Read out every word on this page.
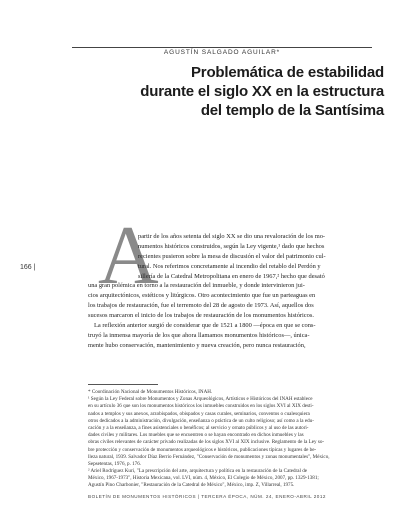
AGUSTÍN SALGADO AGUILAR*
Problemática de estabilidad
durante el siglo XX en la estructura
del templo de la Santísima
166 | A
partir de los años setenta del siglo XX se dio una revaloración de los mo-
numentos históricos construidos, según la Ley vigente,¹ dado que hechos
recientes pusieron sobre la mesa de discusión el valor del patrimonio cul-
tural. Nos referimos concretamente al incendio del retablo del Perdón y
sillería de la Catedral Metropolitana en enero de 1967,² hecho que desató
una gran polémica en torno a la restauración del inmueble, y donde intervinieron jui-
cios arquitectónicos, estéticos y litúrgicos. Otro acontecimiento que fue un parteaguas en
los trabajos de restauración, fue el terremoto del 28 de agosto de 1973. Así, aquellos dos
sucesos marcaron el inicio de los trabajos de restauración de los monumentos históricos.
La reflexión anterior surgió de considerar que de 1521 a 1800 —época en que se cons-
truyó la inmensa mayoría de los que ahora llamamos monumentos históricos—, única-
mente hubo conservación, mantenimiento y nueva creación, pero nunca restauración,
* Coordinación Nacional de Monumentos Históricos, INAH.
¹ Según la Ley Federal sobre Monumentos y Zonas Arqueológicos, Artísticos e Históricos del INAH establece
en su artículo 36 que son los monumentos históricos los inmuebles construidos en los siglos XVI al XIX desti-
nados a templos y sus anexos, arzobispados, obispados y casas curales, seminarios, conventos o cualesquiera
otros dedicados a la administración, divulgación, enseñanza o práctica de un culto religioso; así como a la edu-
cación y a la enseñanza, a fines asistenciales o benéficos; al servicio y ornato públicos y al uso de las autori-
dades civiles y militares. Los muebles que se encuentren o se hayan encontrado en dichos inmuebles y las
obras civiles relevantes de carácter privado realizadas de los siglos XVI al XIX inclusive. Reglamento de la Ley so-
bre protección y conservación de monumentos arqueológicos e históricos, publicaciones típicas y lugares de be-
lleza natural, 1939. Salvador Díaz Berrio Fernández, "Conservación de monumentos y zonas monumentales", México,
Sepsetentas, 1976, p. 176.
² Ariel Rodríguez Kuri, "La prescripción del arte, arquitectura y política en la restauración de la Catedral de
México, 1967-1973", Historia Mexicana, vol. LVI, núm. 4, México, El Colegio de México, 2007, pp. 1329-1381;
Agustín Pino Charbonier, "Restauración de la Catedral de México", México, imp. Z, Villarreal, 1975.
BOLETÍN DE MONUMENTOS HISTÓRICOS | TERCERA ÉPOCA, NÚM. 24, ENERO-ABRIL 2012
